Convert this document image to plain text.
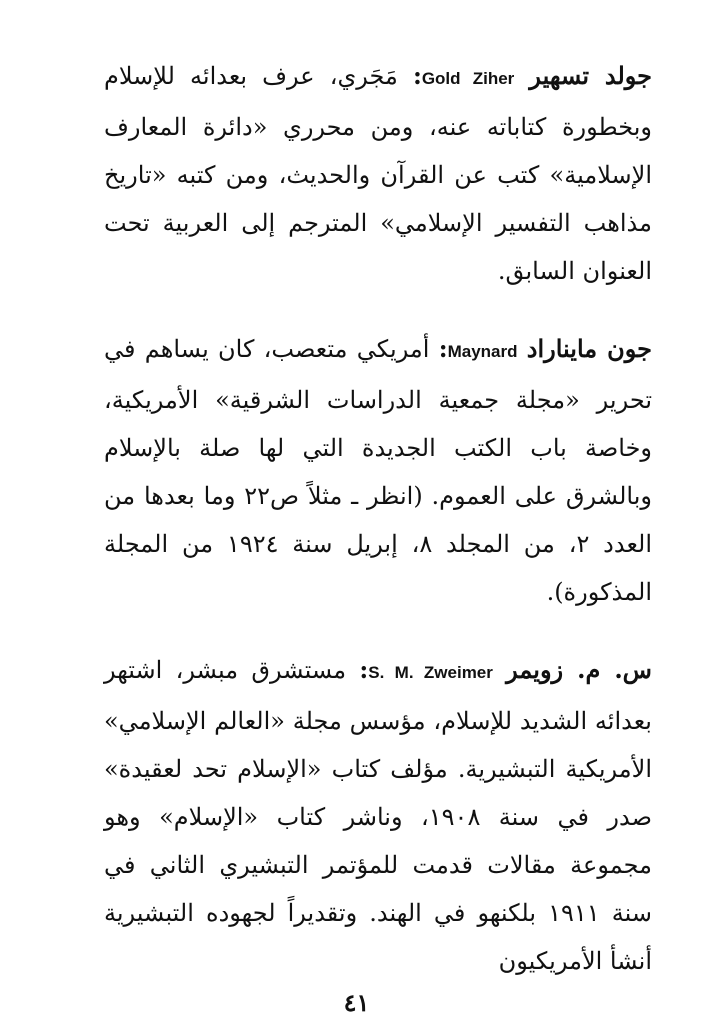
جولد تسهير Gold Ziher: مَجَري، عرف بعدائه للإسلام وبخطورة كتاباته عنه، ومن محرري «دائرة المعارف الإسلامية» كتب عن القرآن والحديث، ومن كتبه «تاريخ مذاهب التفسير الإسلامي» المترجم إلى العربية تحت العنوان السابق.

جون مايناراد Maynard: أمريكي متعصب، كان يساهم في تحرير «مجلة جمعية الدراسات الشرقية» الأمريكية، وخاصة باب الكتب الجديدة التي لها صلة بالإسلام وبالشرق على العموم. (انظر ـ مثلاً ص٢٢ وما بعدها من العدد ٢، من المجلد ٨، إبريل سنة ١٩٢٤ من المجلة المذكورة).

س. م. زويمر S. M. Zweimer: مستشرق مبشر، اشتهر بعدائه الشديد للإسلام، مؤسس مجلة «العالم الإسلامي» الأمريكية التبشيرية. مؤلف كتاب «الإسلام تحد لعقيدة» صدر في سنة ١٩٠٨، وناشر كتاب «الإسلام» وهو مجموعة مقالات قدمت للمؤتمر التبشيري الثاني في سنة ١٩١١ بلكنهو في الهند. وتقديراً لجهوده التبشيرية أنشأ الأمريكيون

٤١
